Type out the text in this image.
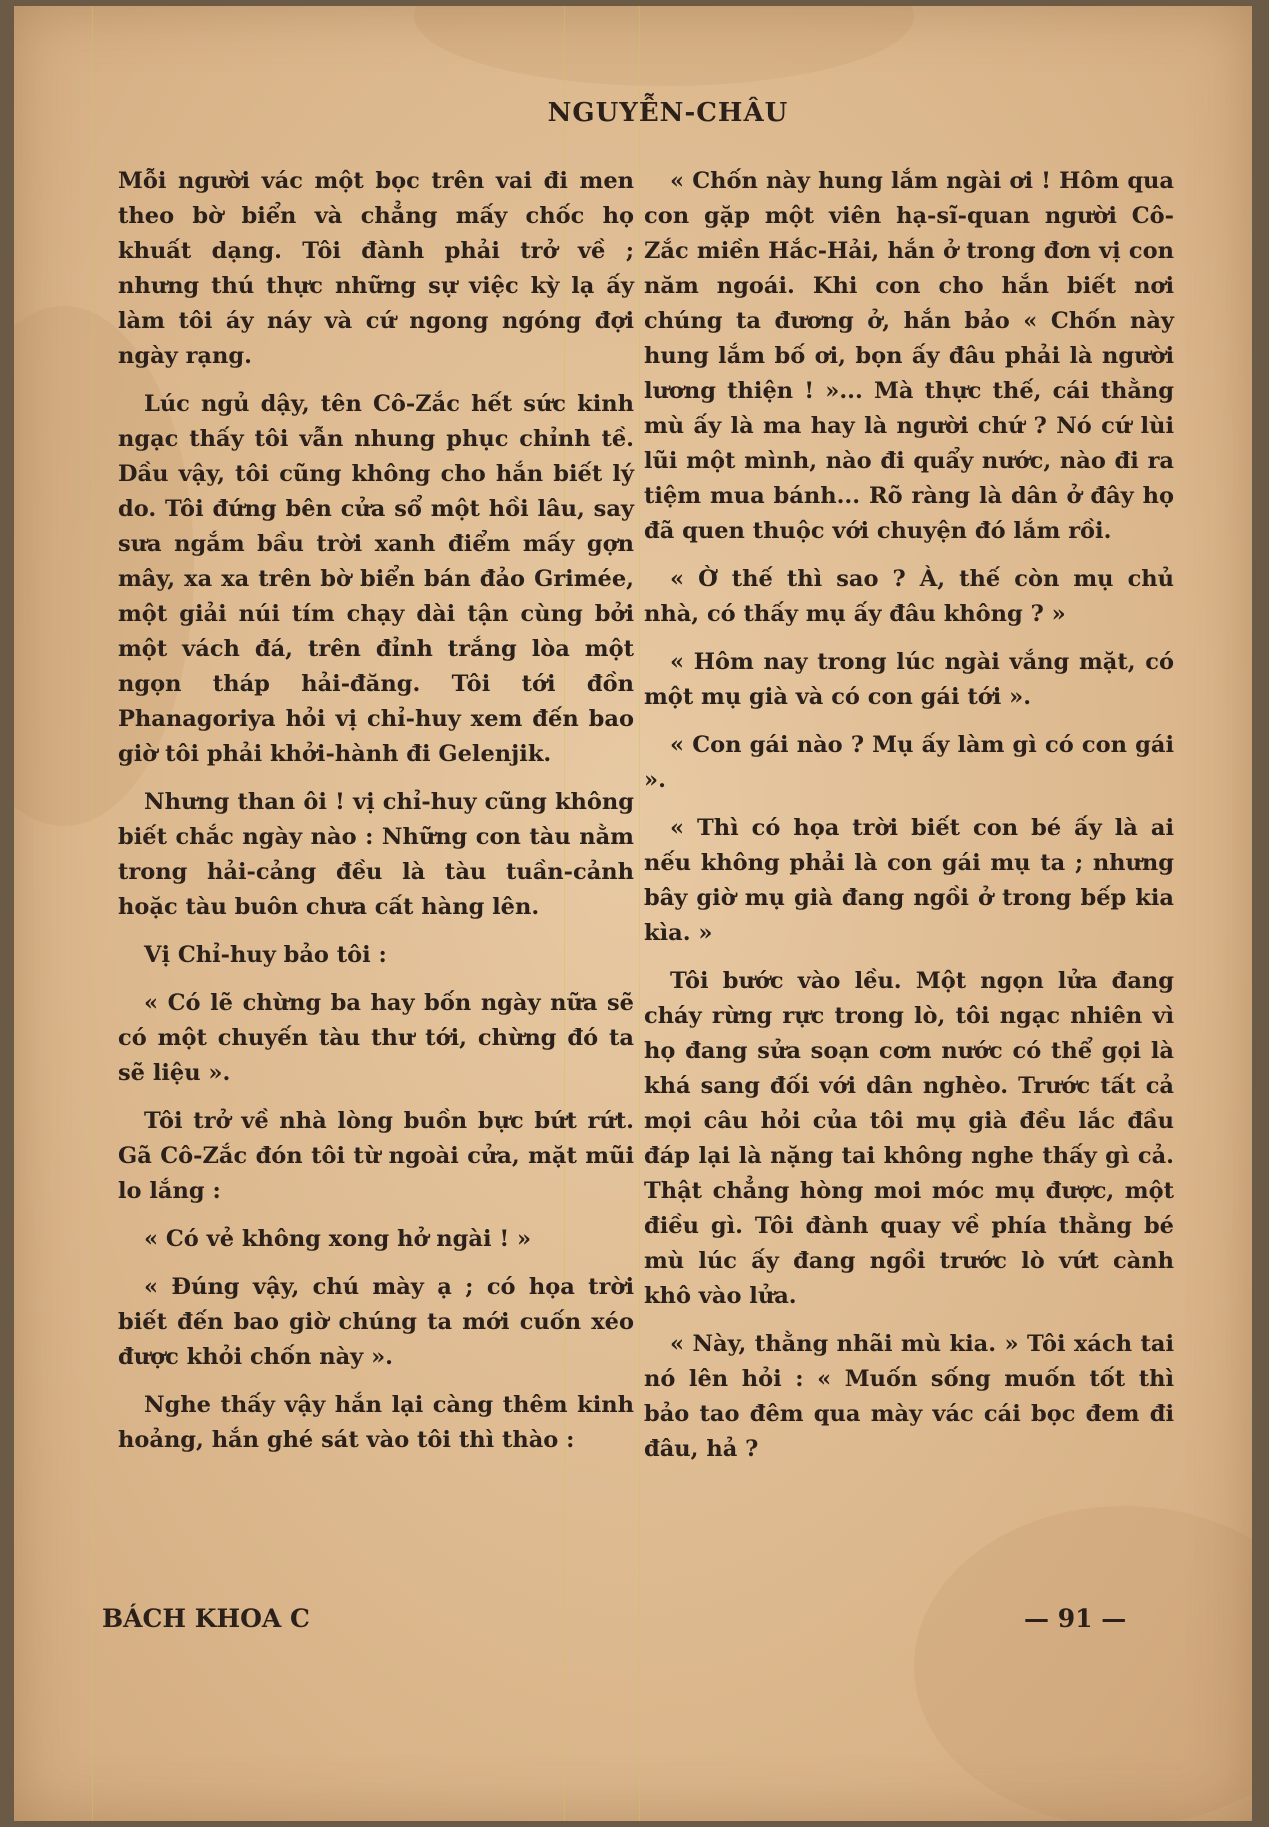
NGUYỄN-CHÂU

Mỗi người vác một bọc trên vai đi men theo bờ biển và chẳng mấy chốc họ khuất dạng. Tôi đành phải trở về ; nhưng thú thực những sự việc kỳ lạ ấy làm tôi áy náy và cứ ngong ngóng đợi ngày rạng.

Lúc ngủ dậy, tên Cô-Zắc hết sức kinh ngạc thấy tôi vẫn nhung phục chỉnh tề. Dầu vậy, tôi cũng không cho hắn biết lý do. Tôi đứng bên cửa sổ một hồi lâu, say sưa ngắm bầu trời xanh điểm mấy gợn mây, xa xa trên bờ biển bán đảo Grimée, một giải núi tím chạy dài tận cùng bởi một vách đá, trên đỉnh trắng lòa một ngọn tháp hải-đăng. Tôi tới đồn Phanagoriya hỏi vị chỉ-huy xem đến bao giờ tôi phải khởi-hành đi Gelenjik.

Nhưng than ôi ! vị chỉ-huy cũng không biết chắc ngày nào : Những con tàu nằm trong hải-cảng đều là tàu tuần-cảnh hoặc tàu buôn chưa cất hàng lên.

Vị Chỉ-huy bảo tôi :

« Có lẽ chừng ba hay bốn ngày nữa sẽ có một chuyến tàu thư tới, chừng đó ta sẽ liệu ».

Tôi trở về nhà lòng buồn bực bứt rứt. Gã Cô-Zắc đón tôi từ ngoài cửa, mặt mũi lo lắng :

« Có vẻ không xong hở ngài ! »

« Đúng vậy, chú mày ạ ; có họa trời biết đến bao giờ chúng ta mới cuốn xéo được khỏi chốn này ».

Nghe thấy vậy hắn lại càng thêm kinh hoảng, hắn ghé sát vào tôi thì thào :

« Chốn này hung lắm ngài ơi ! Hôm qua con gặp một viên hạ-sĩ-quan người Cô-Zắc miền Hắc-Hải, hắn ở trong đơn vị con năm ngoái. Khi con cho hắn biết nơi chúng ta đương ở, hắn bảo « Chốn này hung lắm bố ơi, bọn ấy đâu phải là người lương thiện ! »... Mà thực thế, cái thằng mù ấy là ma hay là người chứ ? Nó cứ lùi lũi một mình, nào đi quẩy nước, nào đi ra tiệm mua bánh... Rõ ràng là dân ở đây họ đã quen thuộc với chuyện đó lắm rồi.

« Ờ thế thì sao ? À, thế còn mụ chủ nhà, có thấy mụ ấy đâu không ? »

« Hôm nay trong lúc ngài vắng mặt, có một mụ già và có con gái tới ».

« Con gái nào ? Mụ ấy làm gì có con gái ».

« Thì có họa trời biết con bé ấy là ai nếu không phải là con gái mụ ta ; nhưng bây giờ mụ già đang ngồi ở trong bếp kia kìa. »

Tôi bước vào lều. Một ngọn lửa đang cháy rừng rực trong lò, tôi ngạc nhiên vì họ đang sửa soạn cơm nước có thể gọi là khá sang đối với dân nghèo. Trước tất cả mọi câu hỏi của tôi mụ già đều lắc đầu đáp lại là nặng tai không nghe thấy gì cả. Thật chẳng hòng moi móc mụ được, một điều gì. Tôi đành quay về phía thằng bé mù lúc ấy đang ngồi trước lò vứt cành khô vào lửa.

« Này, thằng nhãi mù kia. » Tôi xách tai nó lên hỏi : « Muốn sống muốn tốt thì bảo tao đêm qua mày vác cái bọc đem đi đâu, hả ?

BÁCH KHOA C	— 91 —
